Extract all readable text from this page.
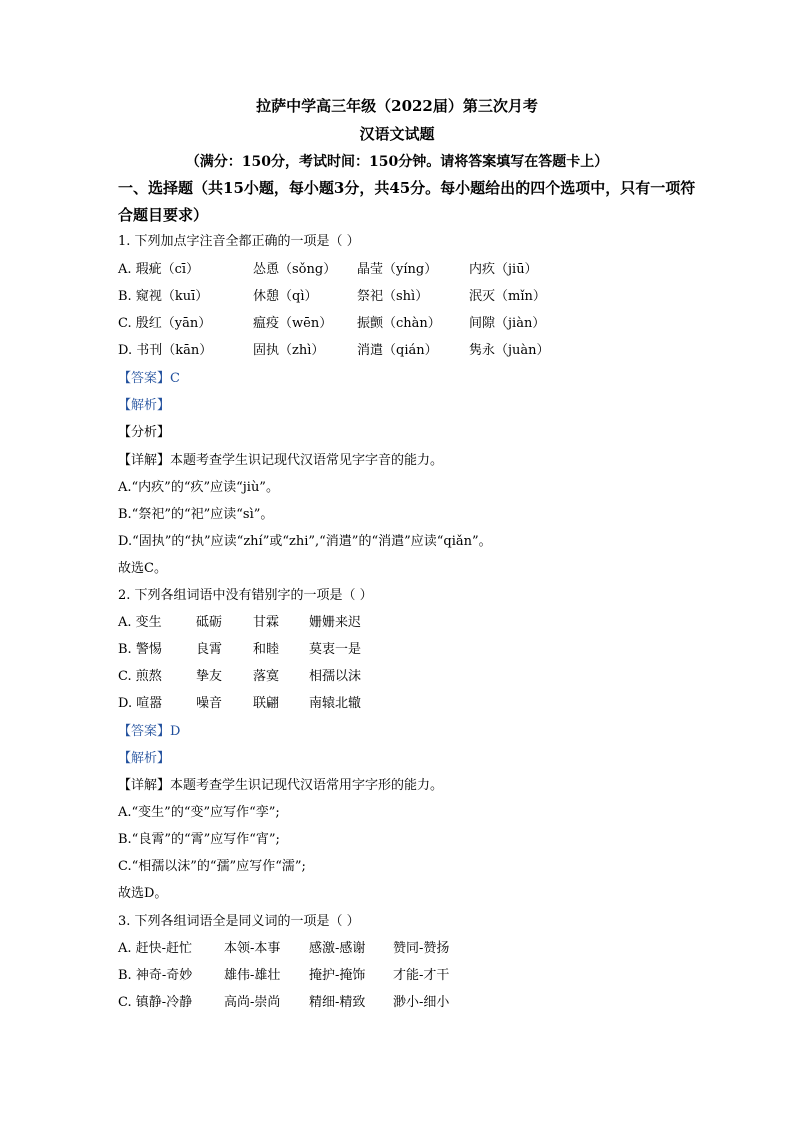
拉萨中学高三年级（2022届）第三次月考
汉语文试题
（满分：150分，考试时间：150分钟。请将答案填写在答题卡上）
一、选择题（共15小题，每小题3分，共45分。每小题给出的四个选项中，只有一项符
合题目要求）
1. 下列加点字注音全都正确的一项是（ ）
A. 瑕疵（cī）	怂恿（sǒng） 晶莹（yíng） 内疚（jiū）
B. 窥视（kuī）	休憩（qì）	祭祀（shì）	泯灭（mǐn）
C. 殷红（yān）	瘟疫（wēn） 振颤（chàn） 间隙（jiàn）
D. 书刊（kān）	固执（zhì）	消遣（qián） 隽永（juàn）
【答案】C
【解析】
【分析】
【详解】本题考查学生识记现代汉语常见字字音的能力。
A.“内疚”的“疚”应读“jiù”。
B.“祭祀”的“祀”应读“sì”。
D.“固执”的“执”应读“zhí”或“zhi”,“消遣”的“消遣”应读“qiǎn”。
故选C。
2. 下列各组词语中没有错别字的一项是（ ）
A. 变生	砥砺 甘霖 姗姗来迟
B. 警惕	良霄 和睦 莫衷一是
C. 煎熬	挚友 落寞 相孺以沫
D. 喧嚣	噪音 联翩 南辕北辙
【答案】D
【解析】
【详解】本题考查学生识记现代汉语常用字字形的能力。
A.“变生”的“变”应写作“孪”;
B.“良霄”的“霄”应写作“宵”;
C.“相孺以沫”的“孺”应写作“濡”;
故选D。
3. 下列各组词语全是同义词的一项是（ ）
A. 赶快-赶忙 本领-本事 感激-感谢 赞同-赞扬
B. 神奇-奇妙 雄伟-雄壮 掩护-掩饰 才能-才干
C. 镇静-冷静 高尚-崇尚 精细-精致 渺小-细小
